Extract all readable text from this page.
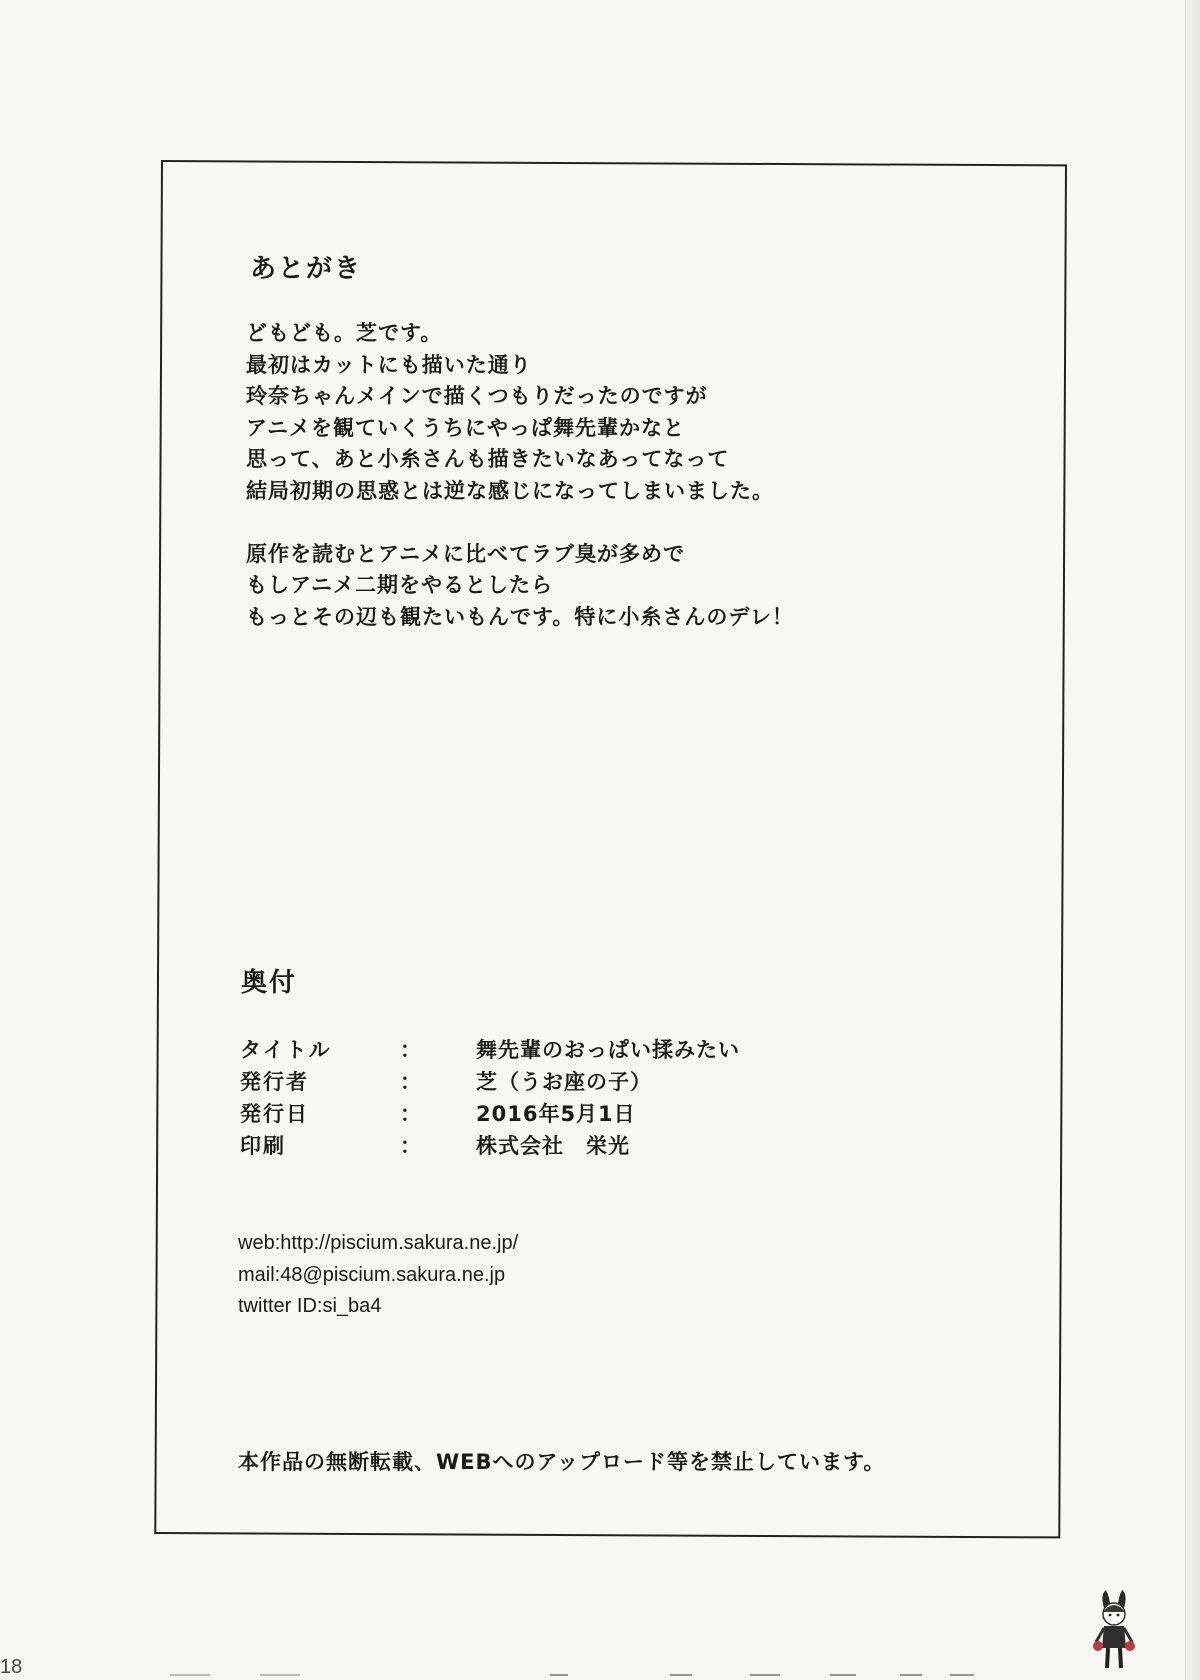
あとがき
どもども。芝です。
最初はカットにも描いた通り
玲奈ちゃんメインで描くつもりだったのですが
アニメを観ていくうちにやっぱ舞先輩かなと
思って、あと小糸さんも描きたいなあってなって
結局初期の思惑とは逆な感じになってしまいました。
原作を読むとアニメに比べてラブ臭が多めで
もしアニメ二期をやるとしたら
もっとその辺も観たいもんです。特に小糸さんのデレ！
奥付
タイトル	：	舞先輩のおっぱい揉みたい
発行者	：	芝（うお座の子）
発行日	：	2016年5月1日
印刷	：	株式会社　栄光
web:http://piscium.sakura.ne.jp/
mail:48@piscium.sakura.ne.jp
twitter ID:si_ba4
本作品の無断転載、WEBへのアップロード等を禁止しています。
18
